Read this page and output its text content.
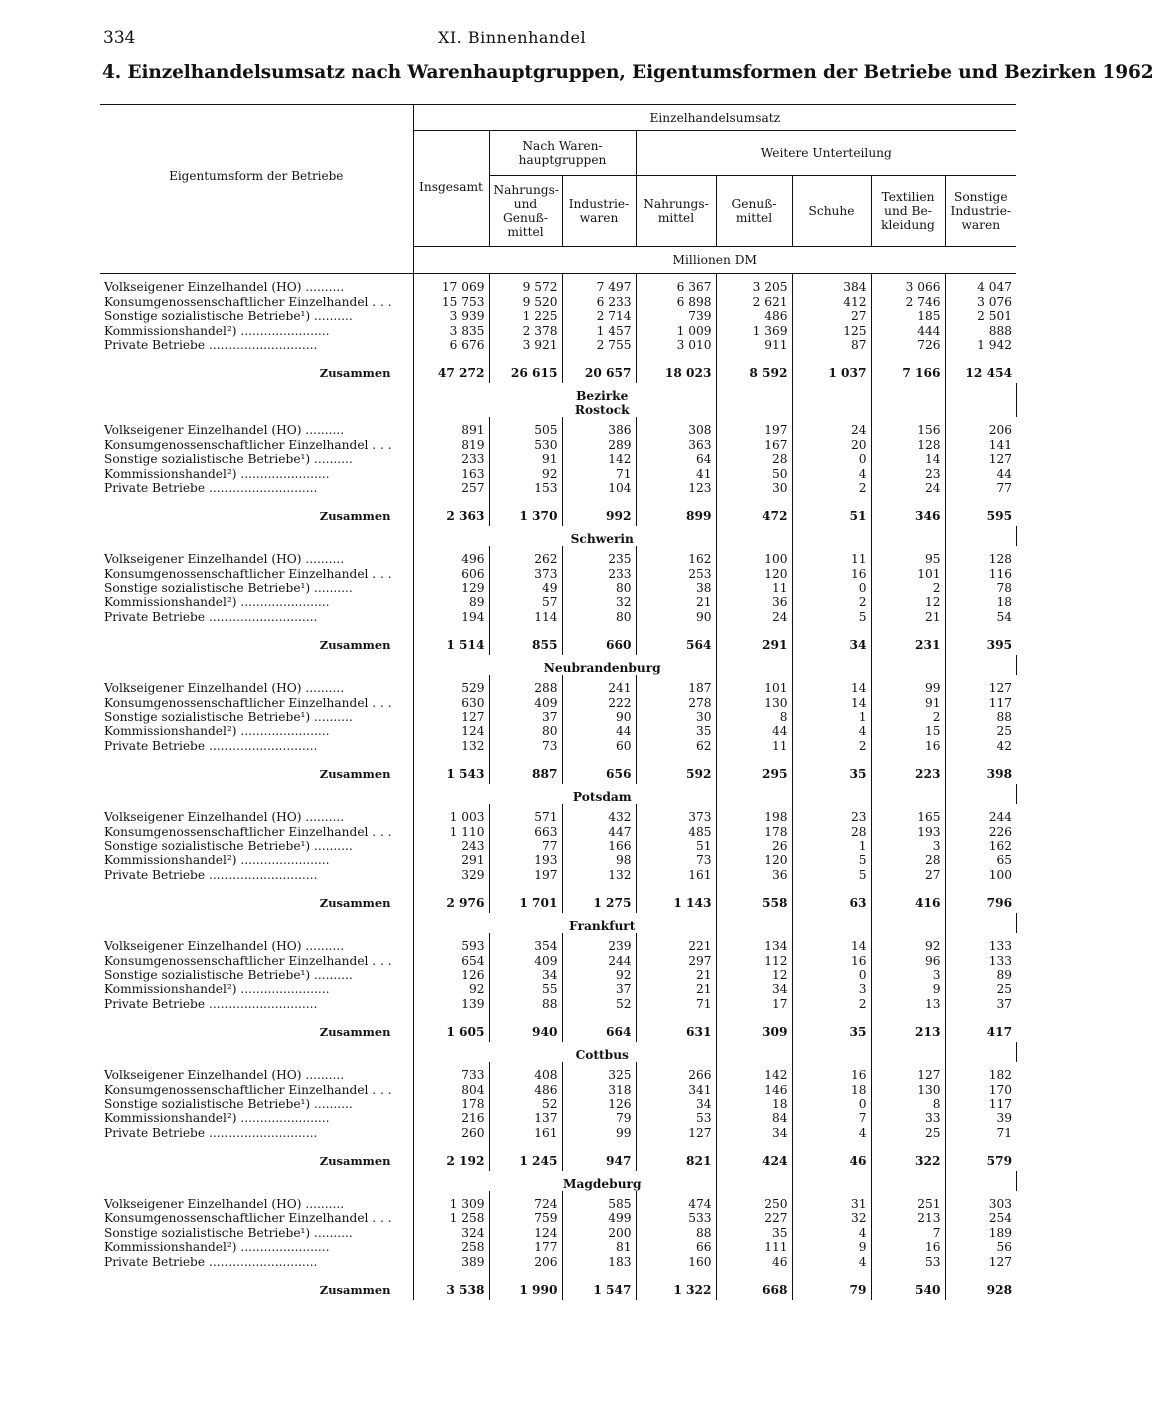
334	XI. Binnenhandel
4. Einzelhandelsumsatz nach Warenhauptgruppen, Eigentumsformen der Betriebe und Bezirken 1962
Eigentumsform der Betriebe	Einzelhandelsumsatz								
	Insgesamt	Nach Waren-hauptgruppen		Weitere Unterteilung					
		Nahrungs- und Genuß-mittel	Industrie-waren	Nahrungs-mittel	Genuß-mittel	Schuhe	Textilien und Be-kleidung	Sonstige Industrie-waren	
	Millionen DM								

Volkseigener Einzelhandel (HO) ..........	17 069	9 572	7 497	6 367	3 205	384	3 066	4 047	
Konsumgenossenschaftlicher Einzelhandel . . .	15 753	9 520	6 233	6 898	2 621	412	2 746	3 076	
Sonstige sozialistische Betriebe¹) ..........	3 939	1 225	2 714	739	486	27	185	2 501	
Kommissionshandel²) .......................	3 835	2 378	1 457	1 009	1 369	125	444	888	
Private Betriebe ............................	6 676	3 921	2 755	3 010	911	87	726	1 942	
Zusammen	47 272	26 615	20 657	18 023	8 592	1 037	7 166	12 454	
		Bezirke							
		Rostock							

Volkseigener Einzelhandel (HO) ..........	891	505	386	308	197	24	156	206	
Konsumgenossenschaftlicher Einzelhandel . . .	819	530	289	363	167	20	128	141	
Sonstige sozialistische Betriebe¹) ..........	233	91	142	64	28	0	14	127	
Kommissionshandel²) .......................	163	92	71	41	50	4	23	44	
Private Betriebe ............................	257	153	104	123	30	2	24	77	
Zusammen	2 363	1 370	992	899	472	51	346	595	
		Schwerin							

Volkseigener Einzelhandel (HO) ..........	496	262	235	162	100	11	95	128	
Konsumgenossenschaftlicher Einzelhandel . . .	606	373	233	253	120	16	101	116	
Sonstige sozialistische Betriebe¹) ..........	129	49	80	38	11	0	2	78	
Kommissionshandel²) .......................	89	57	32	21	36	2	12	18	
Private Betriebe ............................	194	114	80	90	24	5	21	54	
Zusammen	1 514	855	660	564	291	34	231	395	
		Neubrandenburg							

Volkseigener Einzelhandel (HO) ..........	529	288	241	187	101	14	99	127	
Konsumgenossenschaftlicher Einzelhandel . . .	630	409	222	278	130	14	91	117	
Sonstige sozialistische Betriebe¹) ..........	127	37	90	30	8	1	2	88	
Kommissionshandel²) .......................	124	80	44	35	44	4	15	25	
Private Betriebe ............................	132	73	60	62	11	2	16	42	
Zusammen	1 543	887	656	592	295	35	223	398	
		Potsdam							

Volkseigener Einzelhandel (HO) ..........	1 003	571	432	373	198	23	165	244	
Konsumgenossenschaftlicher Einzelhandel . . .	1 110	663	447	485	178	28	193	226	
Sonstige sozialistische Betriebe¹) ..........	243	77	166	51	26	1	3	162	
Kommissionshandel²) .......................	291	193	98	73	120	5	28	65	
Private Betriebe ............................	329	197	132	161	36	5	27	100	
Zusammen	2 976	1 701	1 275	1 143	558	63	416	796	
		Frankfurt							

Volkseigener Einzelhandel (HO) ..........	593	354	239	221	134	14	92	133	
Konsumgenossenschaftlicher Einzelhandel . . .	654	409	244	297	112	16	96	133	
Sonstige sozialistische Betriebe¹) ..........	126	34	92	21	12	0	3	89	
Kommissionshandel²) .......................	92	55	37	21	34	3	9	25	
Private Betriebe ............................	139	88	52	71	17	2	13	37	
Zusammen	1 605	940	664	631	309	35	213	417	
		Cottbus							

Volkseigener Einzelhandel (HO) ..........	733	408	325	266	142	16	127	182	
Konsumgenossenschaftlicher Einzelhandel . . .	804	486	318	341	146	18	130	170	
Sonstige sozialistische Betriebe¹) ..........	178	52	126	34	18	0	8	117	
Kommissionshandel²) .......................	216	137	79	53	84	7	33	39	
Private Betriebe ............................	260	161	99	127	34	4	25	71	
Zusammen	2 192	1 245	947	821	424	46	322	579	
		Magdeburg							

Volkseigener Einzelhandel (HO) ..........	1 309	724	585	474	250	31	251	303	
Konsumgenossenschaftlicher Einzelhandel . . .	1 258	759	499	533	227	32	213	254	
Sonstige sozialistische Betriebe¹) ..........	324	124	200	88	35	4	7	189	
Kommissionshandel²) .......................	258	177	81	66	111	9	16	56	
Private Betriebe ............................	389	206	183	160	46	4	53	127	
Zusammen	3 538	1 990	1 547	1 322	668	79	540	928	
